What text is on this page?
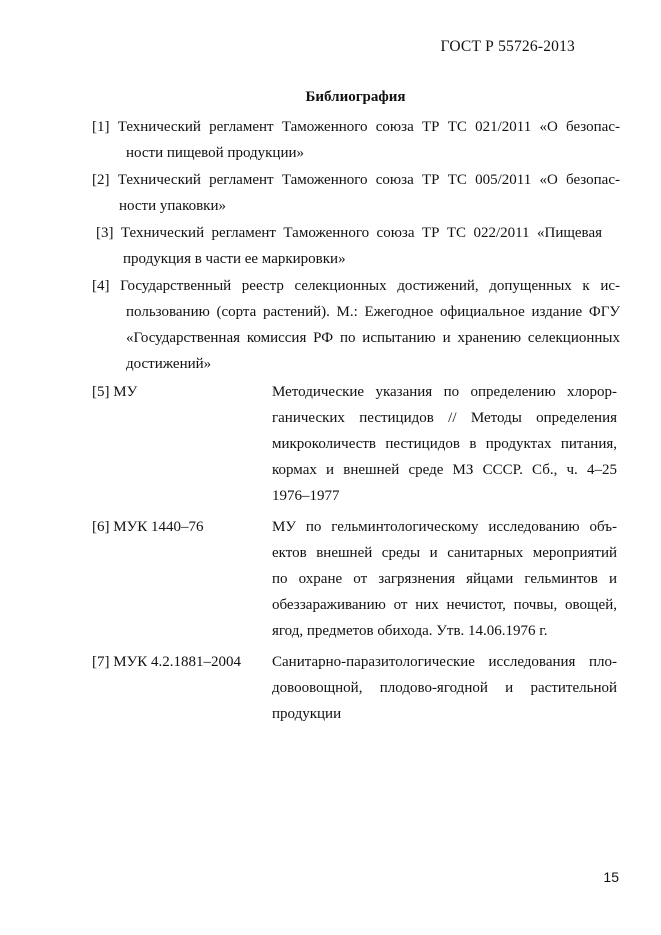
ГОСТ Р 55726-2013
Библиография
[1] Технический регламент Таможенного союза ТР ТС 021/2011 «О безопас-
ности пищевой продукции»
[2] Технический регламент Таможенного союза ТР ТС 005/2011 «О безопас-
ности упаковки»
[3] Технический регламент Таможенного союза ТР ТС 022/2011 «Пищевая
продукция в части ее маркировки»
[4] Государственный реестр селекционных достижений, допущенных к ис-
пользованию (сорта растений). М.: Ежегодное официальное издание ФГУ
«Государственная комиссия РФ по испытанию и хранению селекционных
достижений»
[5] МУ	Методические указания по определению хлорор-
ганических пестицидов // Методы определения
микроколичеств пестицидов в продуктах питания,
кормах и внешней среде МЗ СССР. Сб., ч. 4–25
1976–1977
[6] МУК 1440–76	МУ по гельминтологическому исследованию объ-
ектов внешней среды и санитарных мероприятий
по охране от загрязнения яйцами гельминтов и
обеззараживанию от них нечистот, почвы, овощей,
ягод, предметов обихода. Утв. 14.06.1976 г.
[7] МУК 4.2.1881–2004 Санитарно-паразитологические исследования пло-
довоовощной, плодово-ягодной и растительной
продукции
15
